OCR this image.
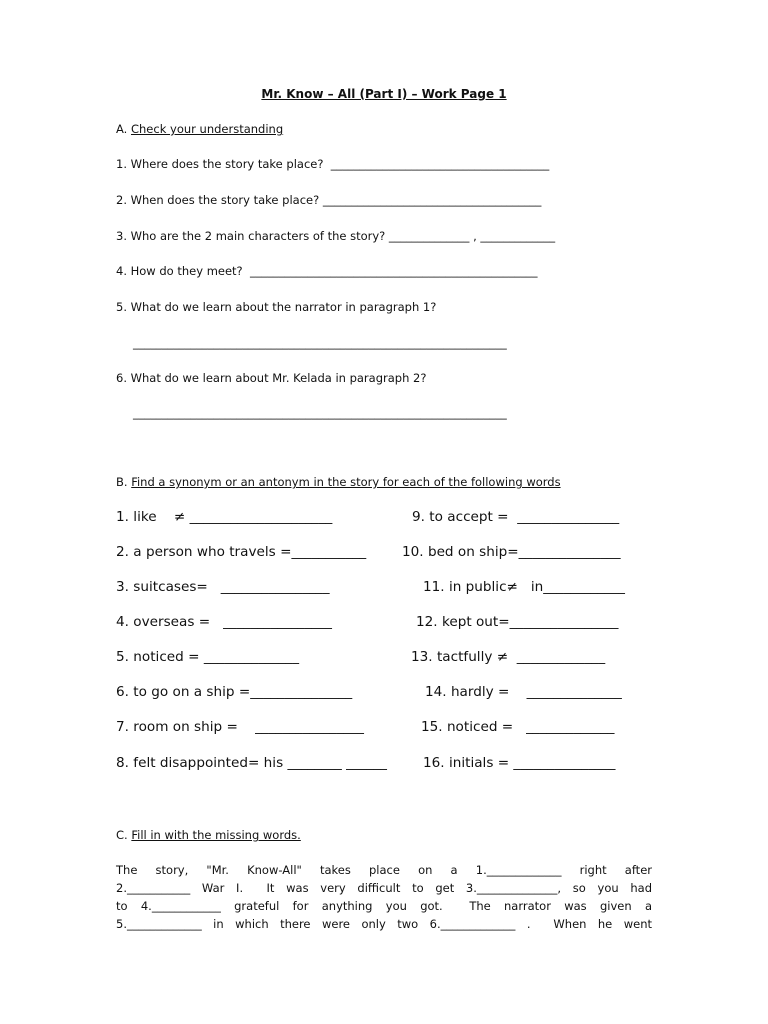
Mr. Know – All (Part I) – Work Page 1
A. Check your understanding
1. Where does the story take place?  ______________________________________
2. When does the story take place? ______________________________________
3. Who are the 2 main characters of the story? ______________ , _____________
4. How do they meet?  __________________________________________________
5. What do we learn about the narrator in paragraph 1?
_________________________________________________________________
6. What do we learn about Mr. Kelada in paragraph 2?
_________________________________________________________________
B. Find a synonym or an antonym in the story for each of the following words
1. like    ≠ _____________________	9. to accept =  _______________
2. a person who travels =___________	10. bed on ship=_______________
3. suitcases=   ________________	11. in public≠   in____________
4. overseas =   ________________	12. kept out=________________
5. noticed = ______________	13. tactfully ≠  _____________
6. to go on a ship =_______________	14. hardly =    ______________
7. room on ship =    ________________	15. noticed =   _____________
8. felt disappointed= his ________ ______	16. initials = _______________
C. Fill in with the missing words.
The story, "Mr. Know-All" takes place on a 1._____________ right after
2.___________ War I.  It was very difficult to get 3.______________, so you had
to 4.____________ grateful for anything you got.  The narrator was given a
5._____________ in which there were only two 6._____________ .  When he went
